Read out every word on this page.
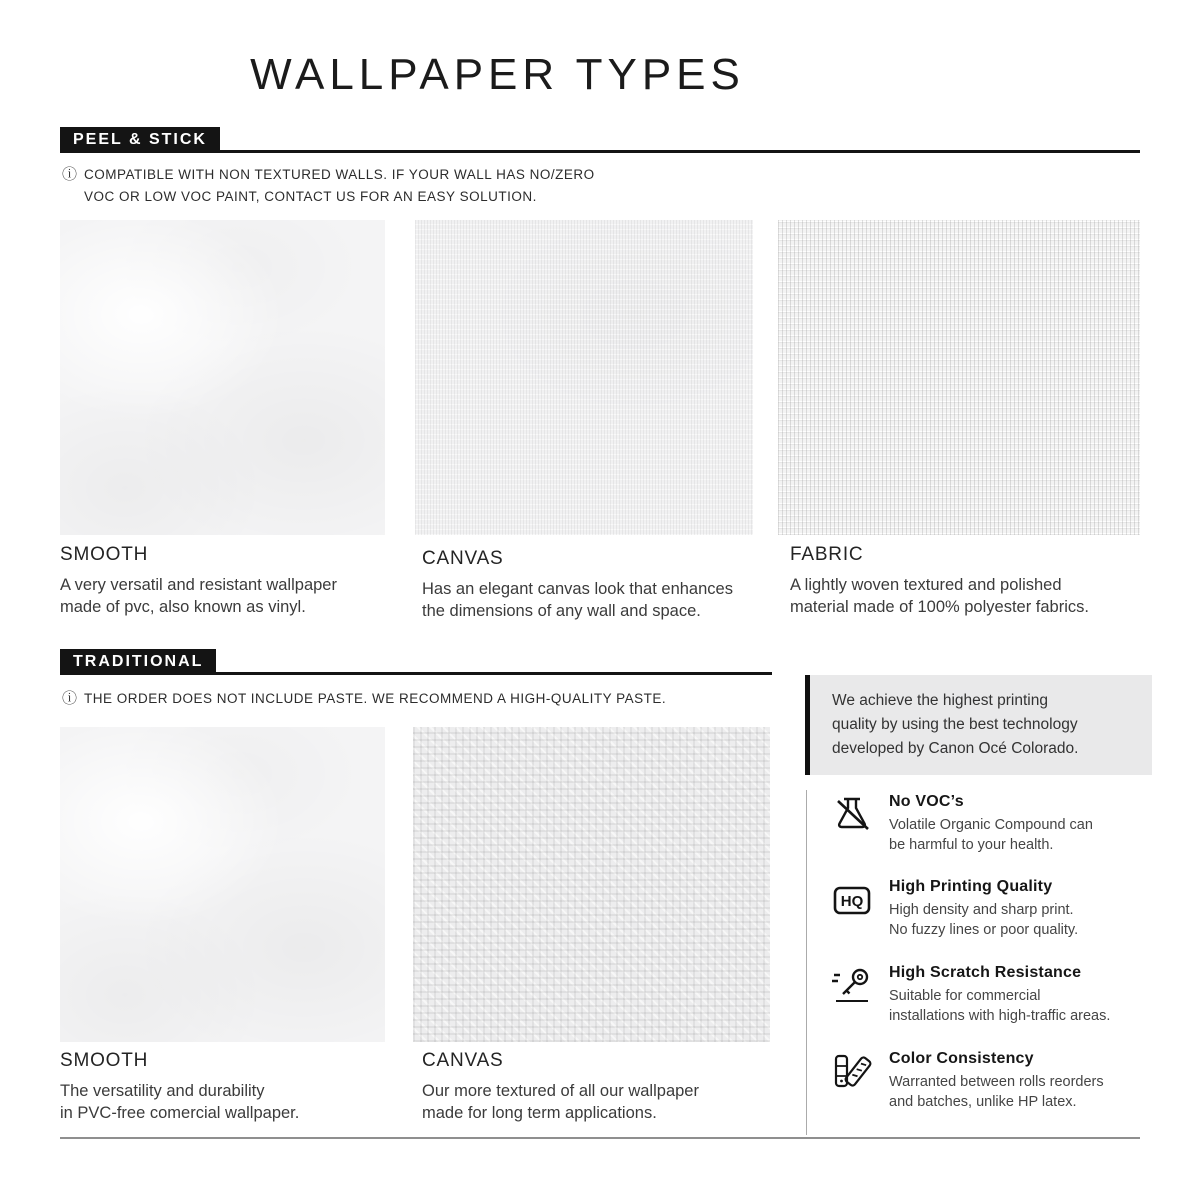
WALLPAPER TYPES
PEEL & STICK
ⓘ COMPATIBLE WITH NON TEXTURED WALLS. IF YOUR WALL HAS NO/ZERO
VOC OR LOW VOC PAINT, CONTACT US FOR AN EASY SOLUTION.
SMOOTH
A very versatil and resistant wallpaper
made of pvc, also known as vinyl.
CANVAS
Has an elegant canvas look that enhances
the dimensions of any wall and space.
FABRIC
A lightly woven textured and polished
material made of 100% polyester fabrics.
TRADITIONAL
ⓘ THE ORDER DOES NOT INCLUDE PASTE. WE RECOMMEND A HIGH-QUALITY PASTE.
SMOOTH
The versatility and durability
in PVC-free comercial wallpaper.
CANVAS
Our more textured of all our wallpaper
made for long term applications.
We achieve the highest printing
quality by using the best technology
developed by Canon Océ Colorado.
No VOC’s
Volatile Organic Compound can
be harmful to your health.
HQ
High Printing Quality
High density and sharp print.
No fuzzy lines or poor quality.
High Scratch Resistance
Suitable for commercial
installations with high-traffic areas.
Color Consistency
Warranted between rolls reorders
and batches, unlike HP latex.
